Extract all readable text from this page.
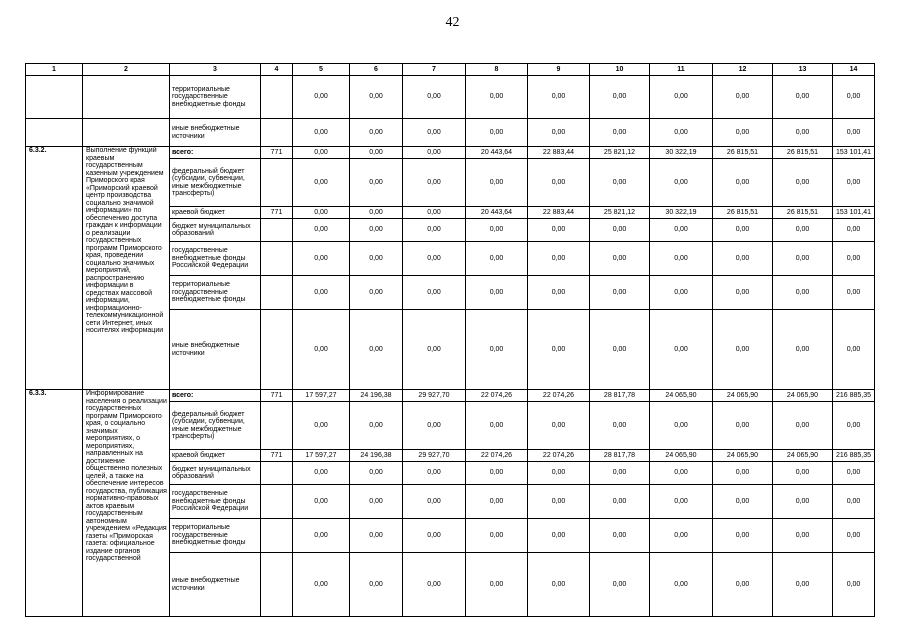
42
1	2	3	4	5	6	7	8	9	10	11	12	13	14
		территориальные государственные внебюджетные фонды		0,00	0,00	0,00	0,00	0,00	0,00	0,00	0,00	0,00	0,00
		иные внебюджетные источники		0,00	0,00	0,00	0,00	0,00	0,00	0,00	0,00	0,00	0,00
6.3.2.	Выполнение функций краевым государственным казенным учреждением Приморского края «Приморский краевой центр производства социально значимой информации» по обеспечению доступа граждан к информации о реализации государственных программ Приморского края, проведении социально значимых мероприятий, распространению информации в средствах массовой информации, информационно-телекоммуникационной сети Интернет, иных носителях информации	всего:	771	0,00	0,00	0,00	20 443,64	22 883,44	25 821,12	30 322,19	26 815,51	26 815,51	153 101,41
		федеральный бюджет (субсидии, субвенции, иные межбюджетные трансферты)		0,00	0,00	0,00	0,00	0,00	0,00	0,00	0,00	0,00	0,00
		краевой бюджет	771	0,00	0,00	0,00	20 443,64	22 883,44	25 821,12	30 322,19	26 815,51	26 815,51	153 101,41
		бюджет муниципальных образований		0,00	0,00	0,00	0,00	0,00	0,00	0,00	0,00	0,00	0,00
		государственные внебюджетные фонды Российской Федерации		0,00	0,00	0,00	0,00	0,00	0,00	0,00	0,00	0,00	0,00
		территориальные государственные внебюджетные фонды		0,00	0,00	0,00	0,00	0,00	0,00	0,00	0,00	0,00	0,00
		иные внебюджетные источники		0,00	0,00	0,00	0,00	0,00	0,00	0,00	0,00	0,00	0,00
6.3.3.	Информирование населения о реализации государственных программ Приморского края, о социально значимых мероприятиях, о мероприятиях, направленных на достижение общественно полезных целей, а также на обеспечение интересов государства, публикация нормативно-правовых актов краевым государственным автономным учреждением «Редакция газеты «Приморская газета: официальное издание органов государственной	всего:	771	17 597,27	24 196,38	29 927,70	22 074,26	22 074,26	28 817,78	24 065,90	24 065,90	24 065,90	216 885,35
		федеральный бюджет (субсидии, субвенции, иные межбюджетные трансферты)		0,00	0,00	0,00	0,00	0,00	0,00	0,00	0,00	0,00	0,00
		краевой бюджет	771	17 597,27	24 196,38	29 927,70	22 074,26	22 074,26	28 817,78	24 065,90	24 065,90	24 065,90	216 885,35
		бюджет муниципальных образований		0,00	0,00	0,00	0,00	0,00	0,00	0,00	0,00	0,00	0,00
		государственные внебюджетные фонды Российской Федерации		0,00	0,00	0,00	0,00	0,00	0,00	0,00	0,00	0,00	0,00
		территориальные государственные внебюджетные фонды		0,00	0,00	0,00	0,00	0,00	0,00	0,00	0,00	0,00	0,00
		иные внебюджетные источники		0,00	0,00	0,00	0,00	0,00	0,00	0,00	0,00	0,00	0,00
